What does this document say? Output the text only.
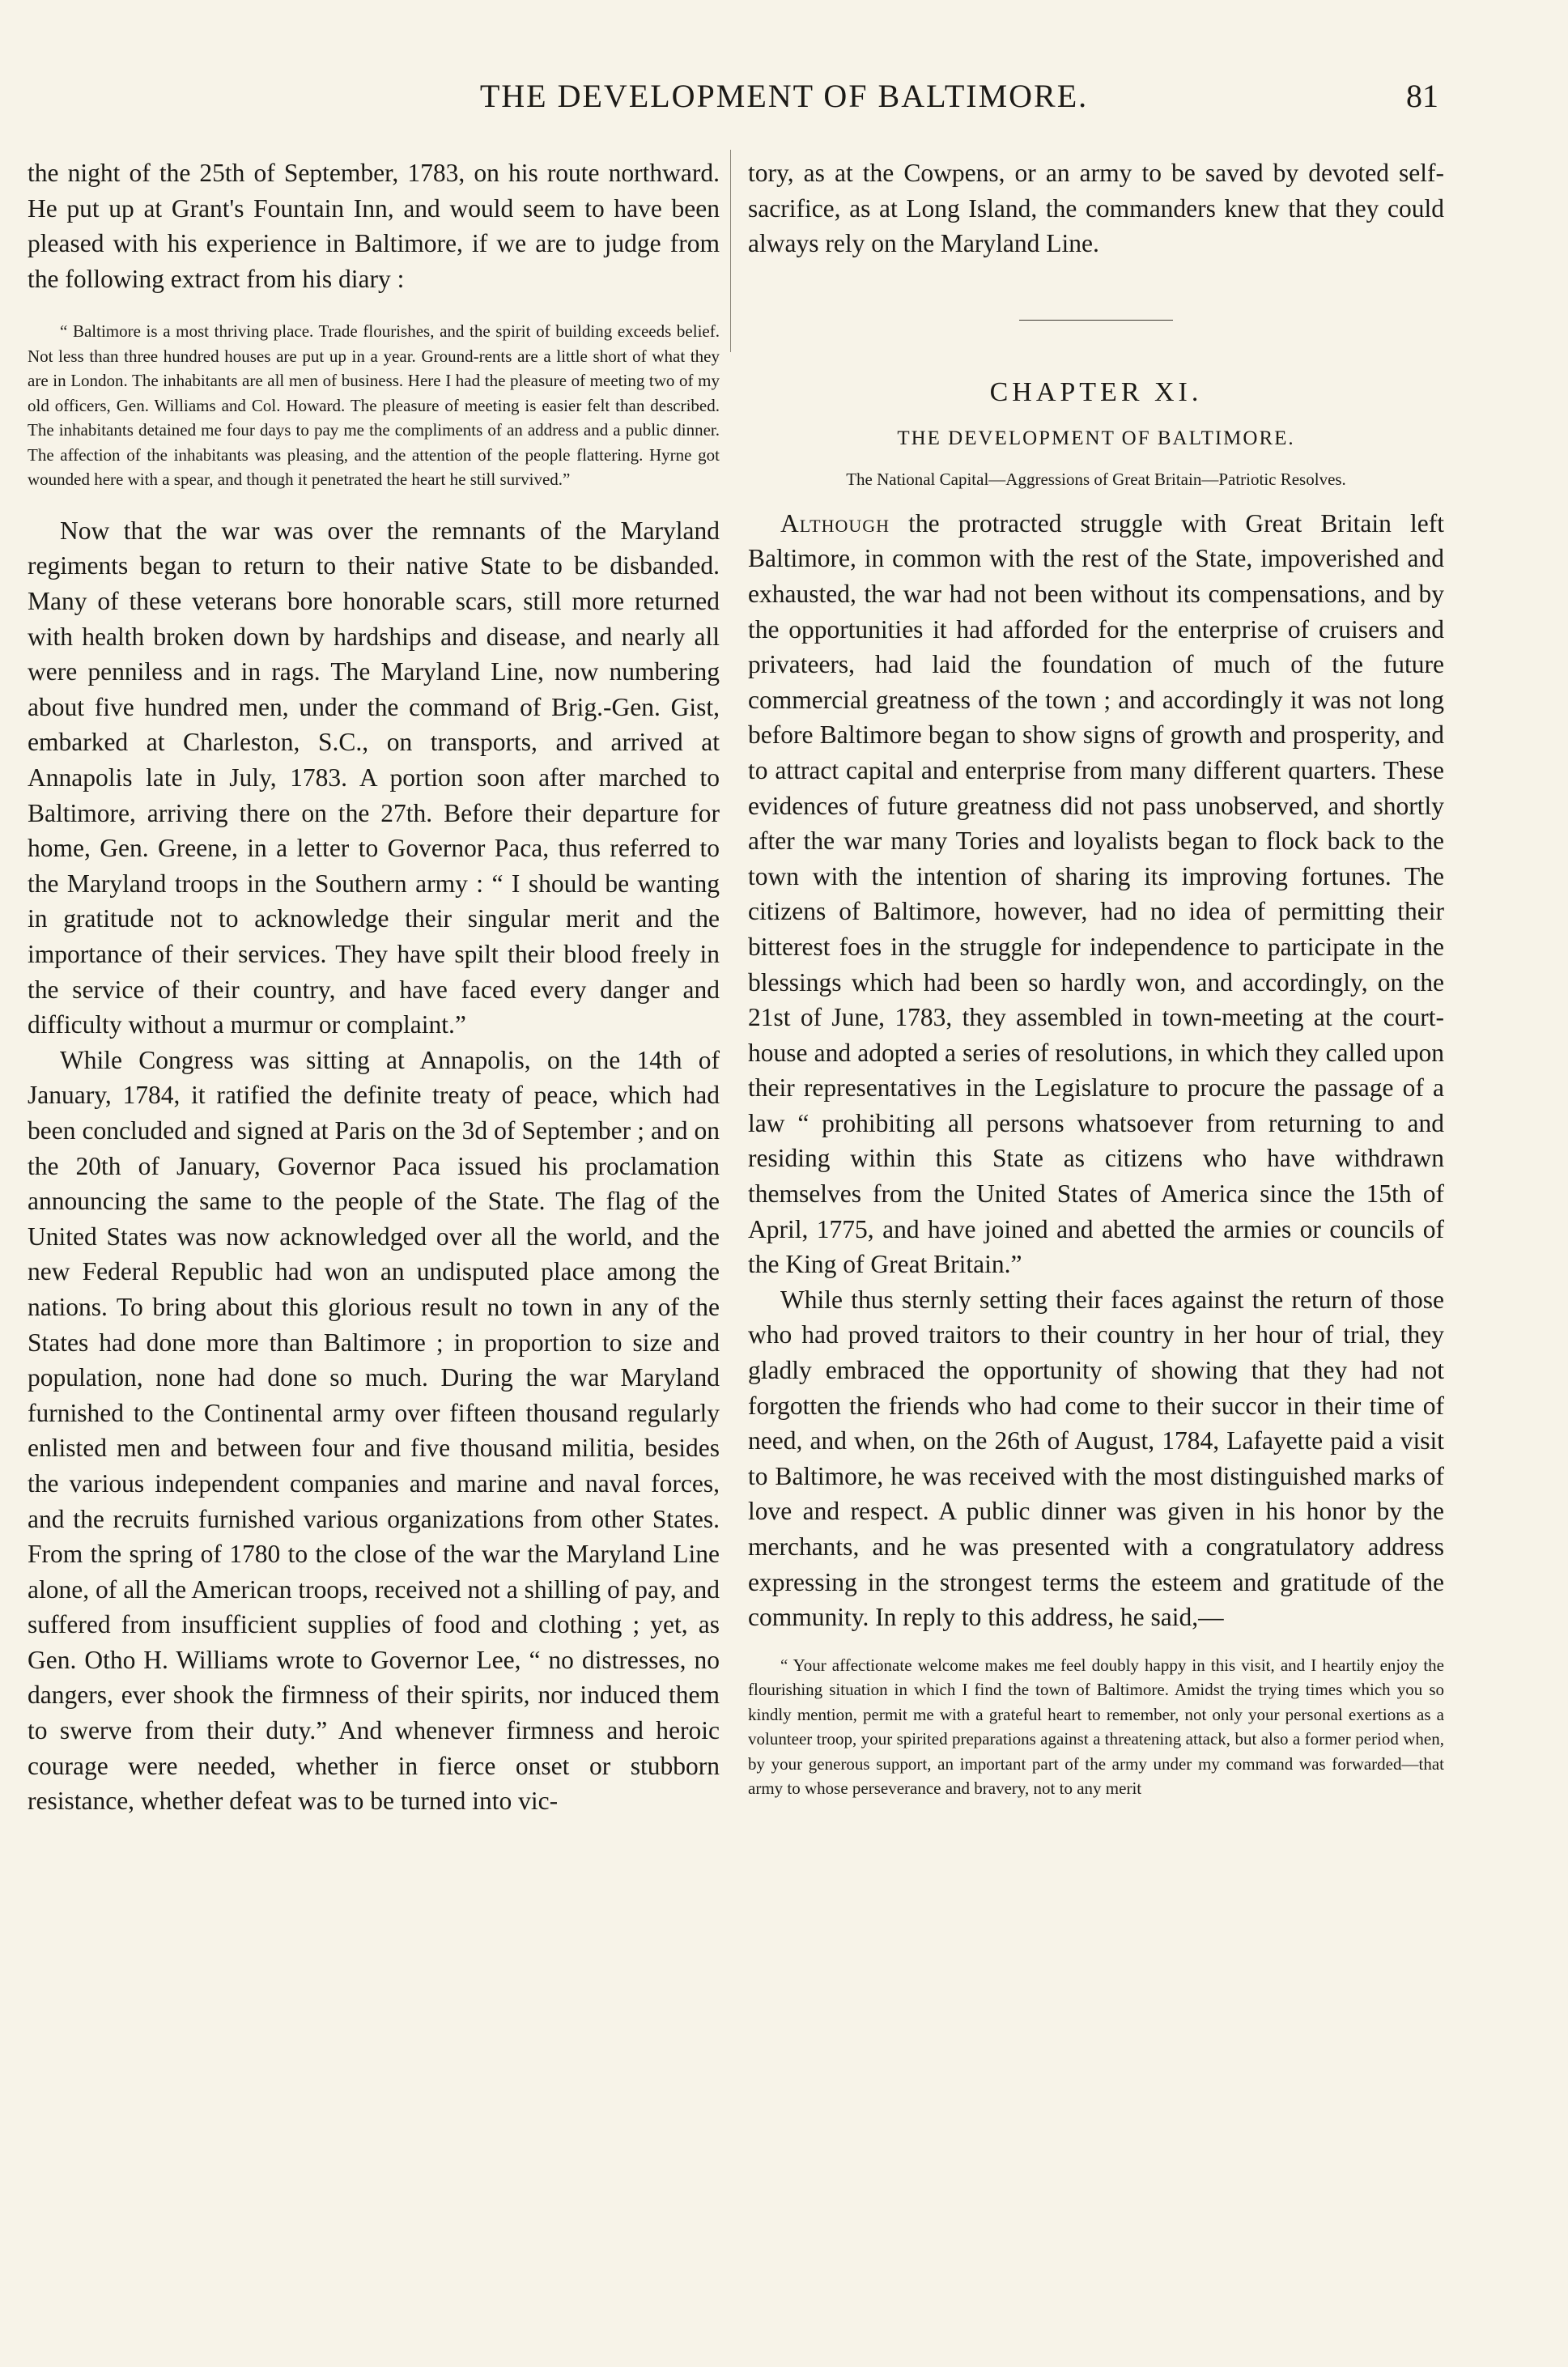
THE DEVELOPMENT OF BALTIMORE.	81

the night of the 25th of September, 1783, on his route northward. He put up at Grant's Fountain Inn, and would seem to have been pleased with his experience in Baltimore, if we are to judge from the following extract from his diary :

“ Baltimore is a most thriving place. Trade flourishes, and the spirit of building exceeds belief. Not less than three hundred houses are put up in a year. Ground-rents are a little short of what they are in London. The inhabitants are all men of business. Here I had the pleasure of meeting two of my old officers, Gen. Williams and Col. Howard. The pleasure of meeting is easier felt than described. The inhabitants detained me four days to pay me the compliments of an address and a public dinner. The affection of the inhabitants was pleasing, and the attention of the people flattering. Hyrne got wounded here with a spear, and though it penetrated the heart he still survived.”

Now that the war was over the remnants of the Maryland regiments began to return to their native State to be disbanded. Many of these veterans bore honorable scars, still more returned with health broken down by hardships and disease, and nearly all were penniless and in rags. The Maryland Line, now numbering about five hundred men, under the command of Brig.-Gen. Gist, embarked at Charleston, S.C., on transports, and arrived at Annapolis late in July, 1783. A portion soon after marched to Baltimore, arriving there on the 27th. Before their departure for home, Gen. Greene, in a letter to Governor Paca, thus referred to the Maryland troops in the Southern army : “ I should be wanting in gratitude not to acknowledge their singular merit and the importance of their services. They have spilt their blood freely in the service of their country, and have faced every danger and difficulty without a murmur or complaint.”

While Congress was sitting at Annapolis, on the 14th of January, 1784, it ratified the definite treaty of peace, which had been concluded and signed at Paris on the 3d of September ; and on the 20th of January, Governor Paca issued his proclamation announcing the same to the people of the State. The flag of the United States was now acknowledged over all the world, and the new Federal Republic had won an undisputed place among the nations. To bring about this glorious result no town in any of the States had done more than Baltimore ; in proportion to size and population, none had done so much. During the war Maryland furnished to the Continental army over fifteen thousand regularly enlisted men and between four and five thousand militia, besides the various independent companies and marine and naval forces, and the recruits furnished various organizations from other States. From the spring of 1780 to the close of the war the Maryland Line alone, of all the American troops, received not a shilling of pay, and suffered from insufficient supplies of food and clothing ; yet, as Gen. Otho H. Williams wrote to Governor Lee, “ no distresses, no dangers, ever shook the firmness of their spirits, nor induced them to swerve from their duty.” And whenever firmness and heroic courage were needed, whether in fierce onset or stubborn resistance, whether defeat was to be turned into vic-

tory, as at the Cowpens, or an army to be saved by devoted self-sacrifice, as at Long Island, the commanders knew that they could always rely on the Maryland Line.

CHAPTER XI.
THE DEVELOPMENT OF BALTIMORE.
The National Capital—Aggressions of Great Britain—Patriotic Resolves.

Although the protracted struggle with Great Britain left Baltimore, in common with the rest of the State, impoverished and exhausted, the war had not been without its compensations, and by the opportunities it had afforded for the enterprise of cruisers and privateers, had laid the foundation of much of the future commercial greatness of the town ; and accordingly it was not long before Baltimore began to show signs of growth and prosperity, and to attract capital and enterprise from many different quarters. These evidences of future greatness did not pass unobserved, and shortly after the war many Tories and loyalists began to flock back to the town with the intention of sharing its improving fortunes. The citizens of Baltimore, however, had no idea of permitting their bitterest foes in the struggle for independence to participate in the blessings which had been so hardly won, and accordingly, on the 21st of June, 1783, they assembled in town-meeting at the court-house and adopted a series of resolutions, in which they called upon their representatives in the Legislature to procure the passage of a law “ prohibiting all persons whatsoever from returning to and residing within this State as citizens who have withdrawn themselves from the United States of America since the 15th of April, 1775, and have joined and abetted the armies or councils of the King of Great Britain.”

While thus sternly setting their faces against the return of those who had proved traitors to their country in her hour of trial, they gladly embraced the opportunity of showing that they had not forgotten the friends who had come to their succor in their time of need, and when, on the 26th of August, 1784, Lafayette paid a visit to Baltimore, he was received with the most distinguished marks of love and respect. A public dinner was given in his honor by the merchants, and he was presented with a congratulatory address expressing in the strongest terms the esteem and gratitude of the community. In reply to this address, he said,—

“ Your affectionate welcome makes me feel doubly happy in this visit, and I heartily enjoy the flourishing situation in which I find the town of Baltimore. Amidst the trying times which you so kindly mention, permit me with a grateful heart to remember, not only your personal exertions as a volunteer troop, your spirited preparations against a threatening attack, but also a former period when, by your generous support, an important part of the army under my command was forwarded—that army to whose perseverance and bravery, not to any merit
